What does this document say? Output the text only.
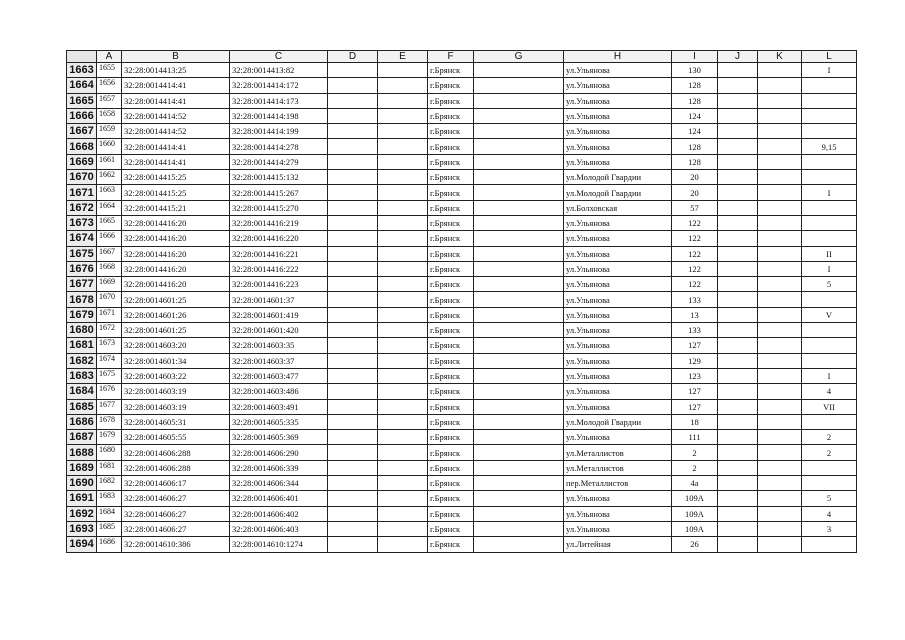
	A	B	C	D	E	F	G	H	I	J	K	L
1663	1655	32:28:0014413:25	32:28:0014413:82			г.Брянск		ул.Ульянова	130			I
1664	1656	32:28:0014414:41	32:28:0014414:172			г.Брянск		ул.Ульянова	128			
1665	1657	32:28:0014414:41	32:28:0014414:173			г.Брянск		ул.Ульянова	128			
1666	1658	32:28:0014414:52	32:28:0014414:198			г.Брянск		ул.Ульянова	124			
1667	1659	32:28:0014414:52	32:28:0014414:199			г.Брянск		ул.Ульянова	124			
1668	1660	32:28:0014414:41	32:28:0014414:278			г.Брянск		ул.Ульянова	128			9,15
1669	1661	32:28:0014414:41	32:28:0014414:279			г.Брянск		ул.Ульянова	128			
1670	1662	32:28:0014415:25	32:28:0014415:132			г.Брянск		ул.Молодой Гвардии	20			
1671	1663	32:28:0014415:25	32:28:0014415:267			г.Брянск		ул.Молодой Гвардии	20			I
1672	1664	32:28:0014415:21	32:28:0014415:270			г.Брянск		ул.Болховская	57			
1673	1665	32:28:0014416:20	32:28:0014416:219			г.Брянск		ул.Ульянова	122			
1674	1666	32:28:0014416:20	32:28:0014416:220			г.Брянск		ул.Ульянова	122			
1675	1667	32:28:0014416:20	32:28:0014416:221			г.Брянск		ул.Ульянова	122			II
1676	1668	32:28:0014416:20	32:28:0014416:222			г.Брянск		ул.Ульянова	122			I
1677	1669	32:28:0014416:20	32:28:0014416:223			г.Брянск		ул.Ульянова	122			5
1678	1670	32:28:0014601:25	32:28:0014601:37			г.Брянск		ул.Ульянова	133			
1679	1671	32:28:0014601:26	32:28:0014601:419			г.Брянск		ул.Ульянова	13			V
1680	1672	32:28:0014601:25	32:28:0014601:420			г.Брянск		ул.Ульянова	133			
1681	1673	32:28:0014603:20	32:28:0014603:35			г.Брянск		ул.Ульянова	127			
1682	1674	32:28:0014601:34	32:28:0014603:37			г.Брянск		ул.Ульянова	129			
1683	1675	32:28:0014603:22	32:28:0014603:477			г.Брянск		ул.Ульянова	123			I
1684	1676	32:28:0014603:19	32:28:0014603:486			г.Брянск		ул.Ульянова	127			4
1685	1677	32:28:0014603:19	32:28:0014603:491			г.Брянск		ул.Ульянова	127			VII
1686	1678	32:28:0014605:31	32:28:0014605:335			г.Брянск		ул.Молодой Гвардии	18			
1687	1679	32:28:0014605:55	32:28:0014605:369			г.Брянск		ул.Ульянова	111			2
1688	1680	32:28:0014606:288	32:28:0014606:290			г.Брянск		ул.Металлистов	2			2
1689	1681	32:28:0014606:288	32:28:0014606:339			г.Брянск		ул.Металлистов	2			
1690	1682	32:28:0014606:17	32:28:0014606:344			г.Брянск		пер.Металлистов	4а			
1691	1683	32:28:0014606:27	32:28:0014606:401			г.Брянск		ул.Ульянова	109А			5
1692	1684	32:28:0014606:27	32:28:0014606:402			г.Брянск		ул.Ульянова	109А			4
1693	1685	32:28:0014606:27	32:28:0014606:403			г.Брянск		ул.Ульянова	109А			3
1694	1686	32:28:0014610:386	32:28:0014610:1274			г.Брянск		ул.Литейная	26			
